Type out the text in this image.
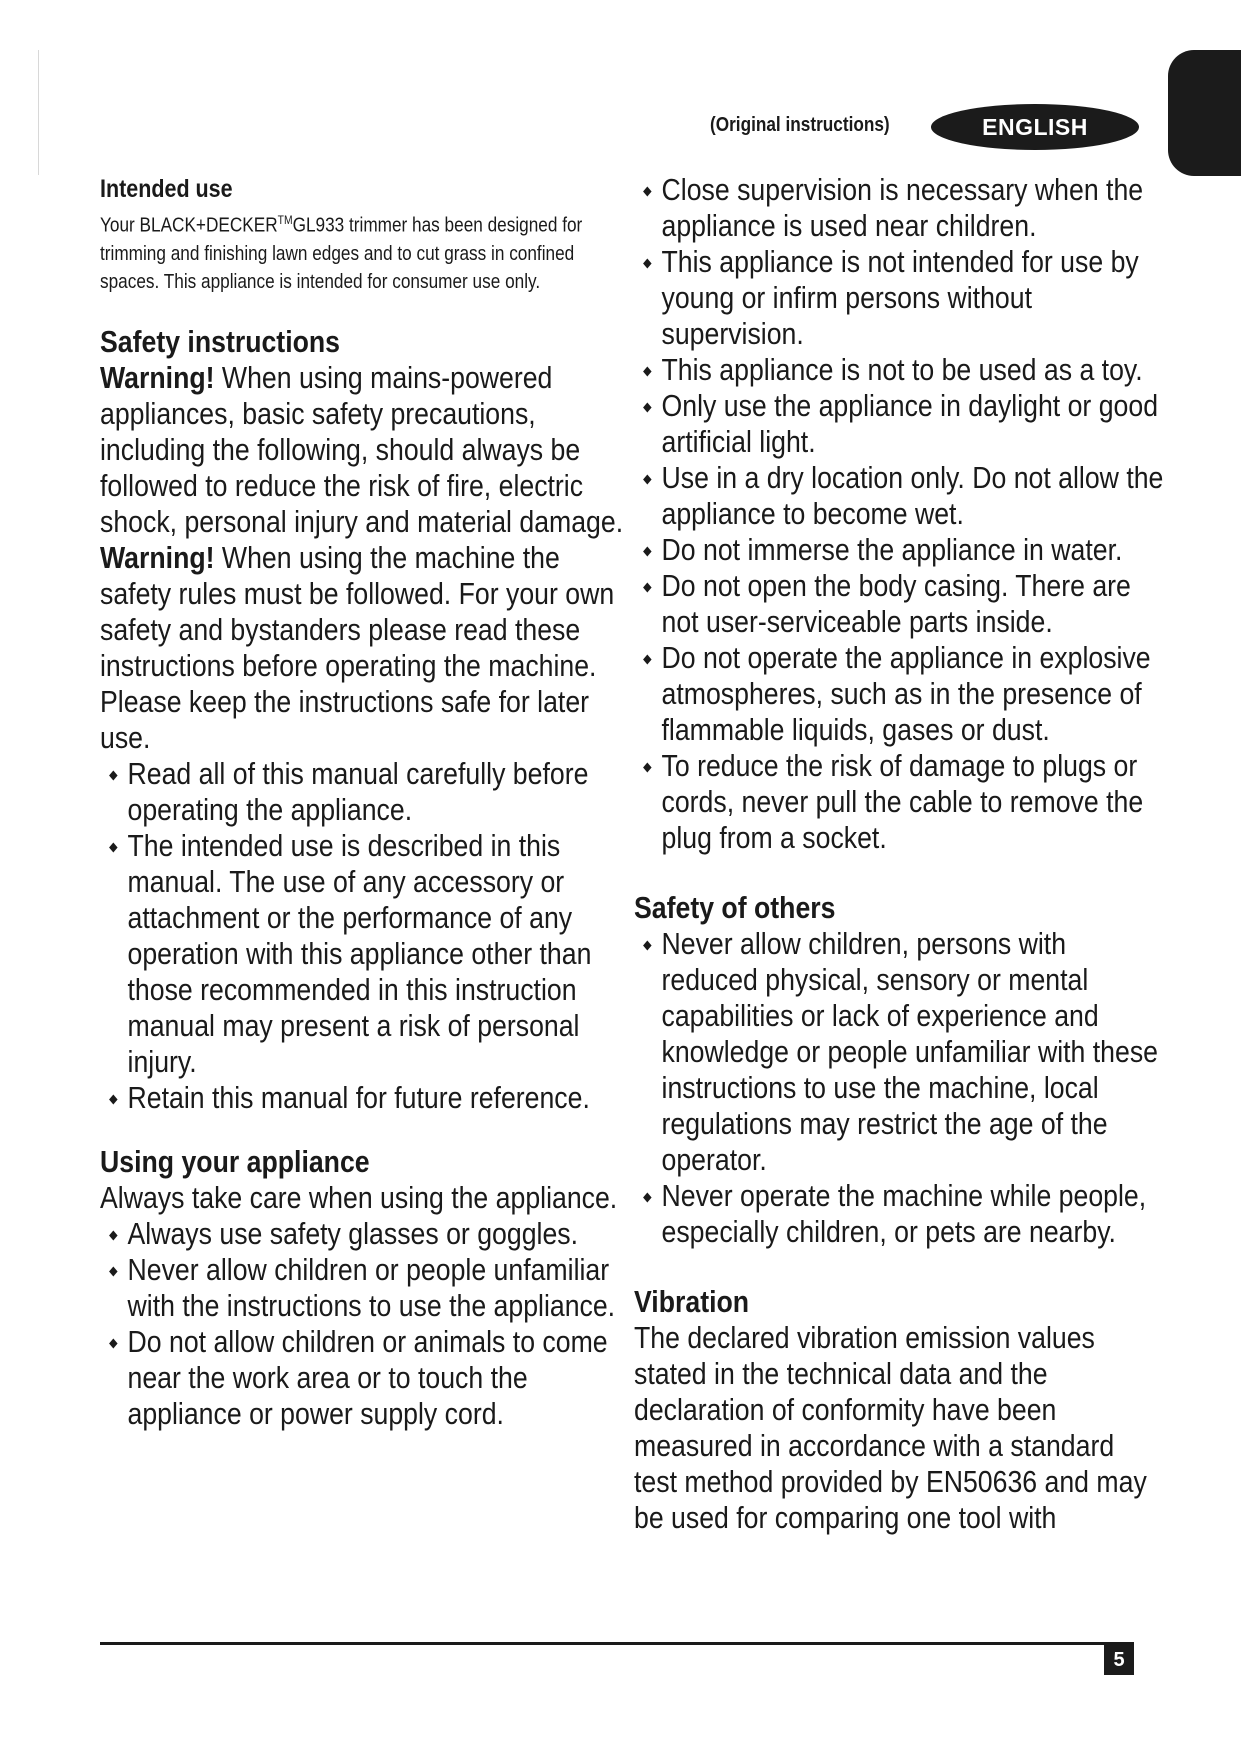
(Original instructions)	ENGLISH
Intended use

Your BLACK+DECKER™GL933 trimmer has been designed for trimming and finishing lawn edges and to cut grass in confined spaces. This appliance is intended for consumer use only.

Safety instructions

Warning! When using mains-powered appliances, basic safety precautions, including the following, should always be followed to reduce the risk of fire, electric shock, personal injury and material damage.

Warning! When using the machine the safety rules must be followed. For your own safety and bystanders please read these instructions before operating the machine. Please keep the instructions safe for later use.

Read all of this manual carefully before operating the appliance.
The intended use is described in this manual. The use of any accessory or attachment or the performance of any operation with this appliance other than those recommended in this instruction manual may present a risk of personal injury.
Retain this manual for future reference.
Using your appliance

Always take care when using the appliance.

Always use safety glasses or goggles.
Never allow children or people unfamiliar with the instructions to use the appliance.
Do not allow children or animals to come near the work area or to touch the appliance or power supply cord.
Close supervision is necessary when the appliance is used near children.
This appliance is not intended for use by young or infirm persons without supervision.
This appliance is not to be used as a toy.
Only use the appliance in daylight or good artificial light.
Use in a dry location only. Do not allow the appliance to become wet.
Do not immerse the appliance in water.
Do not open the body casing. There are not user-serviceable parts inside.
Do not operate the appliance in explosive atmospheres, such as in the presence of flammable liquids, gases or dust.
To reduce the risk of damage to plugs or cords, never pull the cable to remove the plug from a socket.
Safety of others
Never allow children, persons with reduced physical, sensory or mental capabilities or lack of experience and knowledge or people unfamiliar with these instructions to use the machine, local regulations may restrict the age of the operator.
Never operate the machine while people, especially children, or pets are nearby.
Vibration

The declared vibration emission values stated in the technical data and the declaration of conformity have been measured in accordance with a standard test method provided by EN50636 and may be used for comparing one tool with

5
